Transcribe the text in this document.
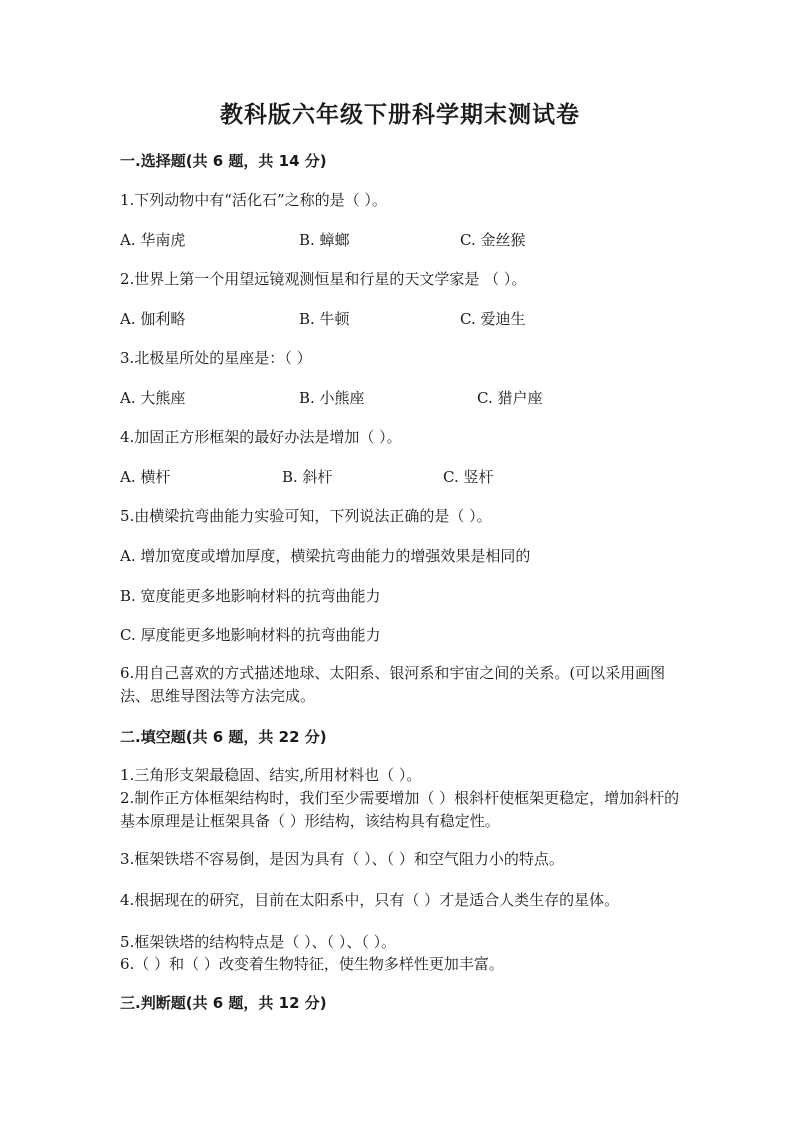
教科版六年级下册科学期末测试卷
一.选择题(共 6 题，共 14 分)
1.下列动物中有“活化石”之称的是（ ）。
A. 华南虎	B. 蟑螂	C. 金丝猴
2.世界上第一个用望远镜观测恒星和行星的天文学家是 （ ）。
A. 伽利略	B. 牛顿	C. 爱迪生
3.北极星所处的星座是：（ ）
A. 大熊座	B. 小熊座	C. 猎户座
4.加固正方形框架的最好办法是增加（ ）。
A. 横杆	B. 斜杆	C. 竖杆
5.由横梁抗弯曲能力实验可知，下列说法正确的是（ ）。
A. 增加宽度或增加厚度，横梁抗弯曲能力的增强效果是相同的
B. 宽度能更多地影响材料的抗弯曲能力
C. 厚度能更多地影响材料的抗弯曲能力
6.用自己喜欢的方式描述地球、太阳系、银河系和宇宙之间的关系。(可以采用画图法、思维导图法等方法完成。
二.填空题(共 6 题，共 22 分)
1.三角形支架最稳固、结实,所用材料也（ ）。
2.制作正方体框架结构时，我们至少需要增加（ ）根斜杆使框架更稳定，增加斜杆的基本原理是让框架具备（ ）形结构，该结构具有稳定性。
3.框架铁塔不容易倒，是因为具有（ ）、（ ）和空气阻力小的特点。
4.根据现在的研究，目前在太阳系中，只有（ ）才是适合人类生存的星体。
5.框架铁塔的结构特点是（ ）、（ ）、（ ）。
6.（ ）和（ ）改变着生物特征，使生物多样性更加丰富。
三.判断题(共 6 题，共 12 分)
